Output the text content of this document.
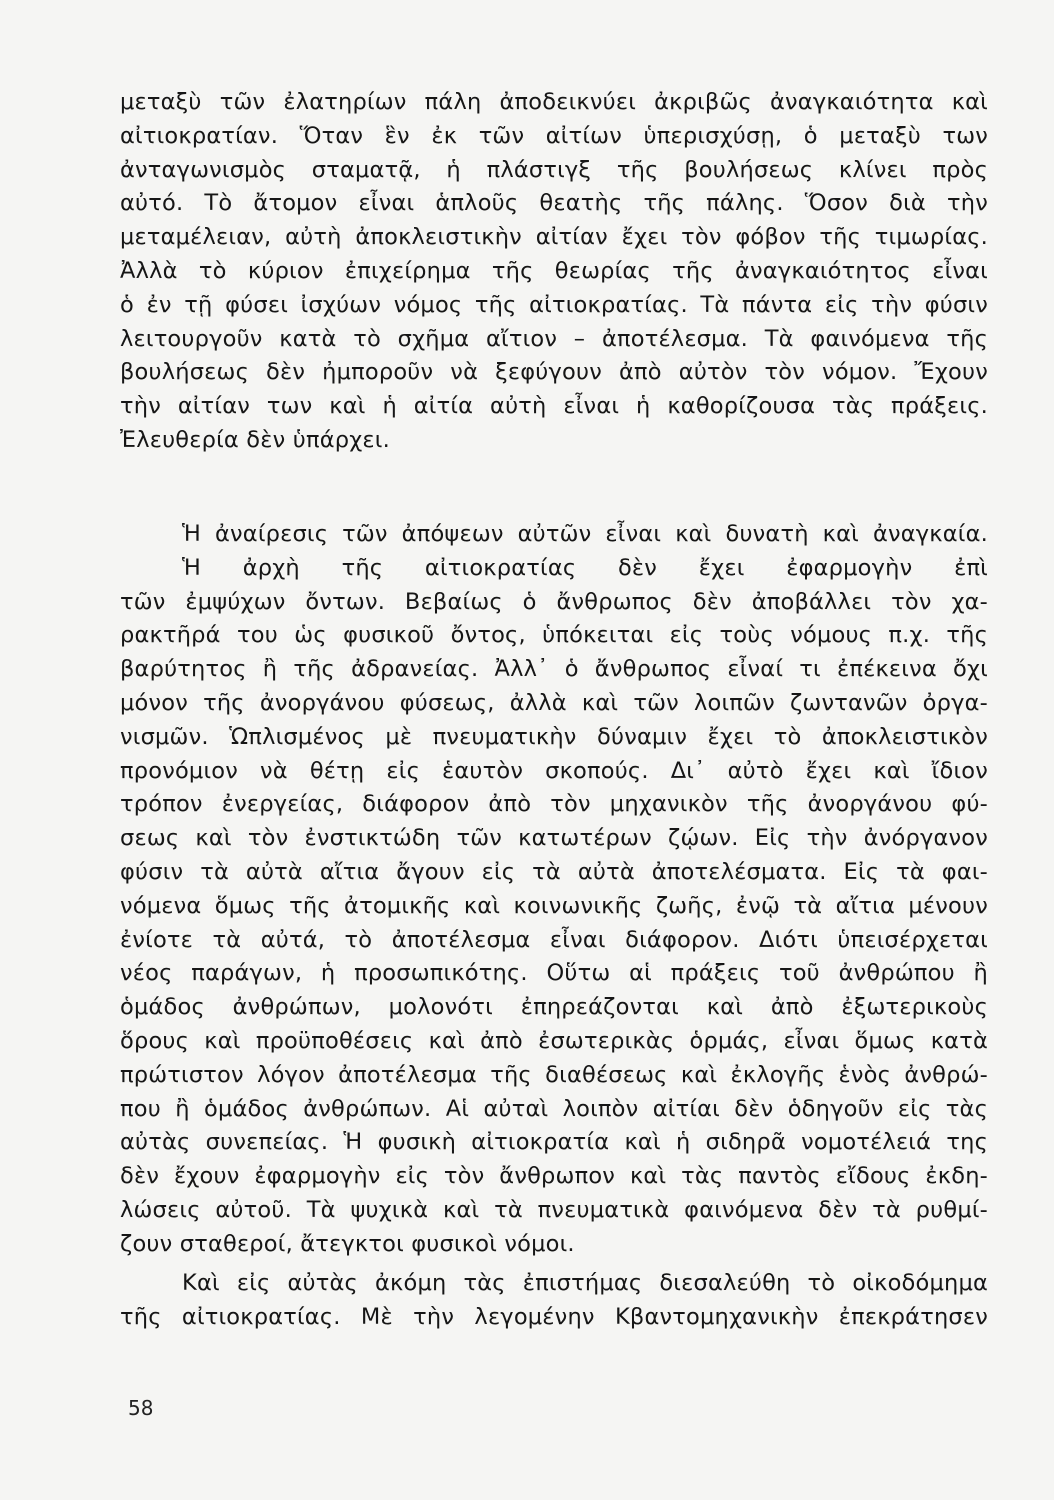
μεταξὺ τῶν ἐλατηρίων πάλη ἀποδεικνύει ἀκριβῶς ἀναγκαιότητα καὶ
αἰτιοκρατίαν. Ὅταν ἓν ἐκ τῶν αἰτίων ὑπερισχύσῃ, ὁ μεταξὺ των
ἀνταγωνισμὸς σταματᾷ, ἡ πλάστιγξ τῆς βουλήσεως κλίνει πρὸς
αὐτό. Τὸ ἄτομον εἶναι ἁπλοῦς θεατὴς τῆς πάλης. Ὅσον διὰ τὴν
μεταμέλειαν, αὐτὴ ἀποκλειστικὴν αἰτίαν ἔχει τὸν φόβον τῆς τιμωρίας.
Ἀλλὰ τὸ κύριον ἐπιχείρημα τῆς θεωρίας τῆς ἀναγκαιότητος εἶναι
ὁ ἐν τῇ φύσει ἰσχύων νόμος τῆς αἰτιοκρατίας. Τὰ πάντα εἰς τὴν φύσιν
λειτουργοῦν κατὰ τὸ σχῆμα αἴτιον – ἀποτέλεσμα. Τὰ φαινόμενα τῆς
βουλήσεως δὲν ἠμποροῦν νὰ ξεφύγουν ἀπὸ αὐτὸν τὸν νόμον. Ἔχουν
τὴν αἰτίαν των καὶ ἡ αἰτία αὐτὴ εἶναι ἡ καθορίζουσα τὰς πράξεις.
Ἐλευθερία δὲν ὑπάρχει.
Ἡ ἀναίρεσις τῶν ἀπόψεων αὐτῶν εἶναι καὶ δυνατὴ καὶ ἀναγκαία.
Ἡ ἀρχὴ τῆς αἰτιοκρατίας δὲν ἔχει ἐφαρμογὴν ἐπὶ
τῶν ἐμψύχων ὄντων. Βεβαίως ὁ ἄνθρωπος δὲν ἀποβάλλει τὸν χα-
ρακτῆρά του ὡς φυσικοῦ ὄντος, ὑπόκειται εἰς τοὺς νόμους π.χ. τῆς
βαρύτητος ἢ τῆς ἀδρανείας. Ἀλλ᾽ ὁ ἄνθρωπος εἶναί τι ἐπέκεινα ὄχι
μόνον τῆς ἀνοργάνου φύσεως, ἀλλὰ καὶ τῶν λοιπῶν ζωντανῶν ὀργα-
νισμῶν. Ὡπλισμένος μὲ πνευματικὴν δύναμιν ἔχει τὸ ἀποκλειστικὸν
προνόμιον νὰ θέτῃ εἰς ἑαυτὸν σκοπούς. Δι᾽ αὐτὸ ἔχει καὶ ἴδιον
τρόπον ἐνεργείας, διάφορον ἀπὸ τὸν μηχανικὸν τῆς ἀνοργάνου φύ-
σεως καὶ τὸν ἐνστικτώδη τῶν κατωτέρων ζῴων. Εἰς τὴν ἀνόργανον
φύσιν τὰ αὐτὰ αἴτια ἄγουν εἰς τὰ αὐτὰ ἀποτελέσματα. Εἰς τὰ φαι-
νόμενα ὅμως τῆς ἀτομικῆς καὶ κοινωνικῆς ζωῆς, ἐνῷ τὰ αἴτια μένουν
ἐνίοτε τὰ αὐτά, τὸ ἀποτέλεσμα εἶναι διάφορον. Διότι ὑπεισέρχεται
νέος παράγων, ἡ προσωπικότης. Οὕτω αἱ πράξεις τοῦ ἀνθρώπου ἢ
ὁμάδος ἀνθρώπων, μολονότι ἐπηρεάζονται καὶ ἀπὸ ἐξωτερικοὺς
ὅρους καὶ προϋποθέσεις καὶ ἀπὸ ἐσωτερικὰς ὁρμάς, εἶναι ὅμως κατὰ
πρώτιστον λόγον ἀποτέλεσμα τῆς διαθέσεως καὶ ἐκλογῆς ἑνὸς ἀνθρώ-
που ἢ ὁμάδος ἀνθρώπων. Αἱ αὐταὶ λοιπὸν αἰτίαι δὲν ὁδηγοῦν εἰς τὰς
αὐτὰς συνεπείας. Ἡ φυσικὴ αἰτιοκρατία καὶ ἡ σιδηρᾶ νομοτέλειά της
δὲν ἔχουν ἐφαρμογὴν εἰς τὸν ἄνθρωπον καὶ τὰς παντὸς εἴδους ἐκδη-
λώσεις αὐτοῦ. Τὰ ψυχικὰ καὶ τὰ πνευματικὰ φαινόμενα δὲν τὰ ρυθμί-
ζουν σταθεροί, ἄτεγκτοι φυσικοὶ νόμοι.
Καὶ εἰς αὐτὰς ἀκόμη τὰς ἐπιστήμας διεσαλεύθη τὸ οἰκοδόμημα
τῆς αἰτιοκρατίας. Μὲ τὴν λεγομένην Κβαντομηχανικὴν ἐπεκράτησεν
58
